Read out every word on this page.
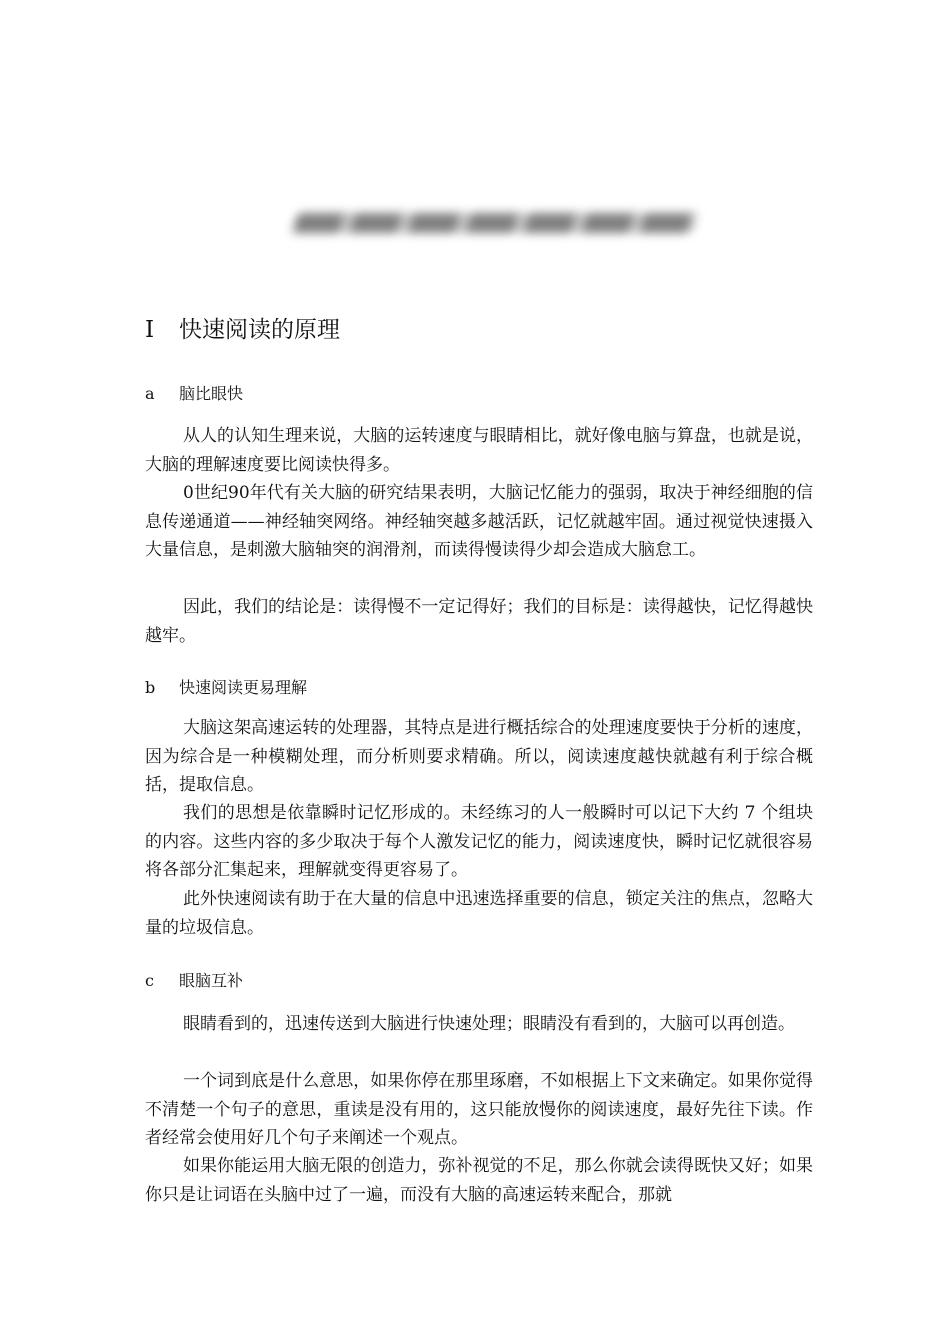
I 快速阅读的原理
a 脑比眼快

从人的认知生理来说，大脑的运转速度与眼睛相比，就好像电脑与算盘，也就是说，大脑的理解速度要比阅读快得多。

0世纪90年代有关大脑的研究结果表明，大脑记忆能力的强弱，取决于神经细胞的信息传递通道——神经轴突网络。神经轴突越多越活跃，记忆就越牢固。通过视觉快速摄入大量信息，是刺激大脑轴突的润滑剂，而读得慢读得少却会造成大脑怠工。

因此，我们的结论是：读得慢不一定记得好；我们的目标是：读得越快，记忆得越快越牢。

b 快速阅读更易理解

大脑这架高速运转的处理器，其特点是进行概括综合的处理速度要快于分析的速度，因为综合是一种模糊处理，而分析则要求精确。所以，阅读速度越快就越有利于综合概括，提取信息。

我们的思想是依靠瞬时记忆形成的。未经练习的人一般瞬时可以记下大约 7 个组块的内容。这些内容的多少取决于每个人激发记忆的能力，阅读速度快，瞬时记忆就很容易将各部分汇集起来，理解就变得更容易了。

此外快速阅读有助于在大量的信息中迅速选择重要的信息，锁定关注的焦点，忽略大量的垃圾信息。

c 眼脑互补

眼睛看到的，迅速传送到大脑进行快速处理；眼睛没有看到的，大脑可以再创造。

一个词到底是什么意思，如果你停在那里琢磨，不如根据上下文来确定。如果你觉得不清楚一个句子的意思，重读是没有用的，这只能放慢你的阅读速度，最好先往下读。作者经常会使用好几个句子来阐述一个观点。

如果你能运用大脑无限的创造力，弥补视觉的不足，那么你就会读得既快又好；如果你只是让词语在头脑中过了一遍，而没有大脑的高速运转来配合，那就
